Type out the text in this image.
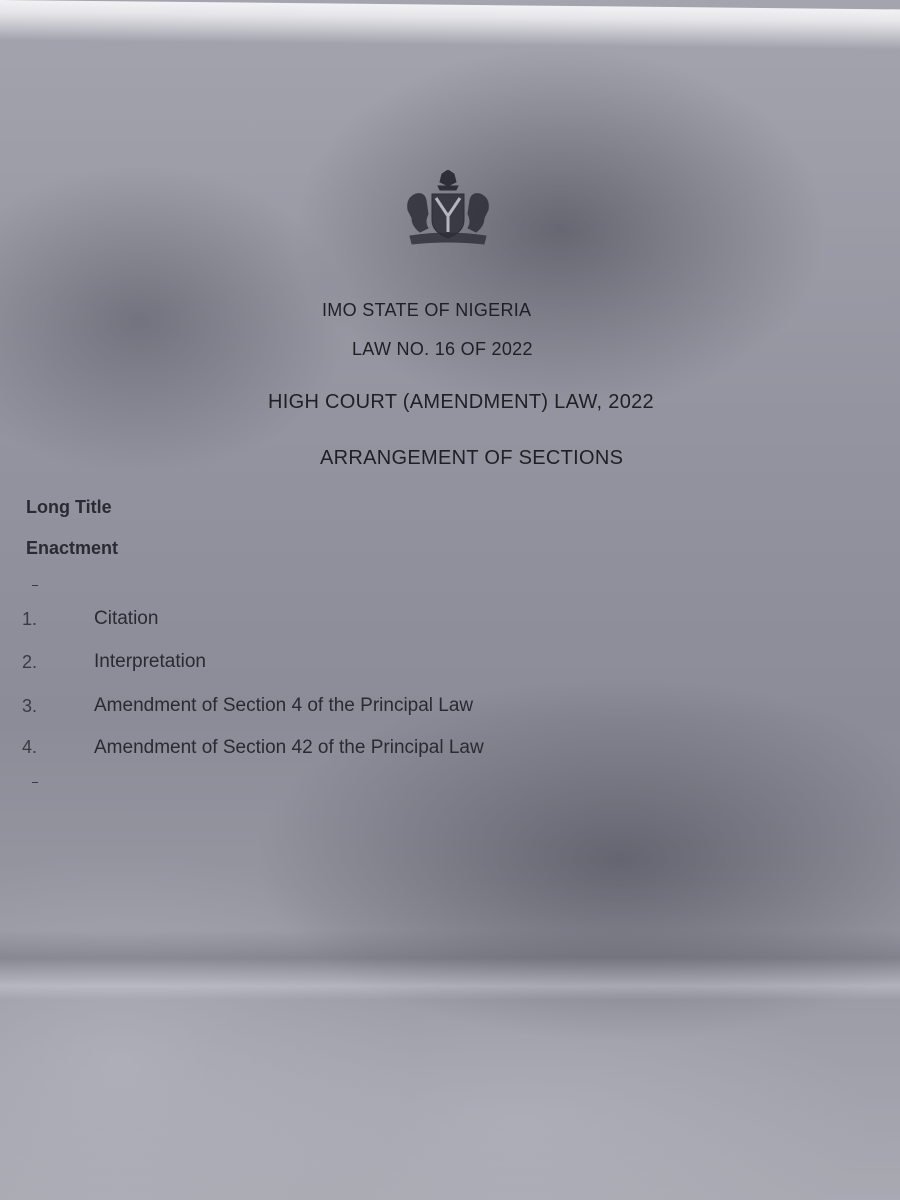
IMO STATE OF NIGERIA
LAW NO. 16 OF 2022
HIGH COURT (AMENDMENT) LAW, 2022
ARRANGEMENT OF SECTIONS
Long Title
Enactment
1.	Citation
2.	Interpretation
3.	Amendment of Section 4 of the Principal Law
4.	Amendment of Section 42 of the Principal Law
